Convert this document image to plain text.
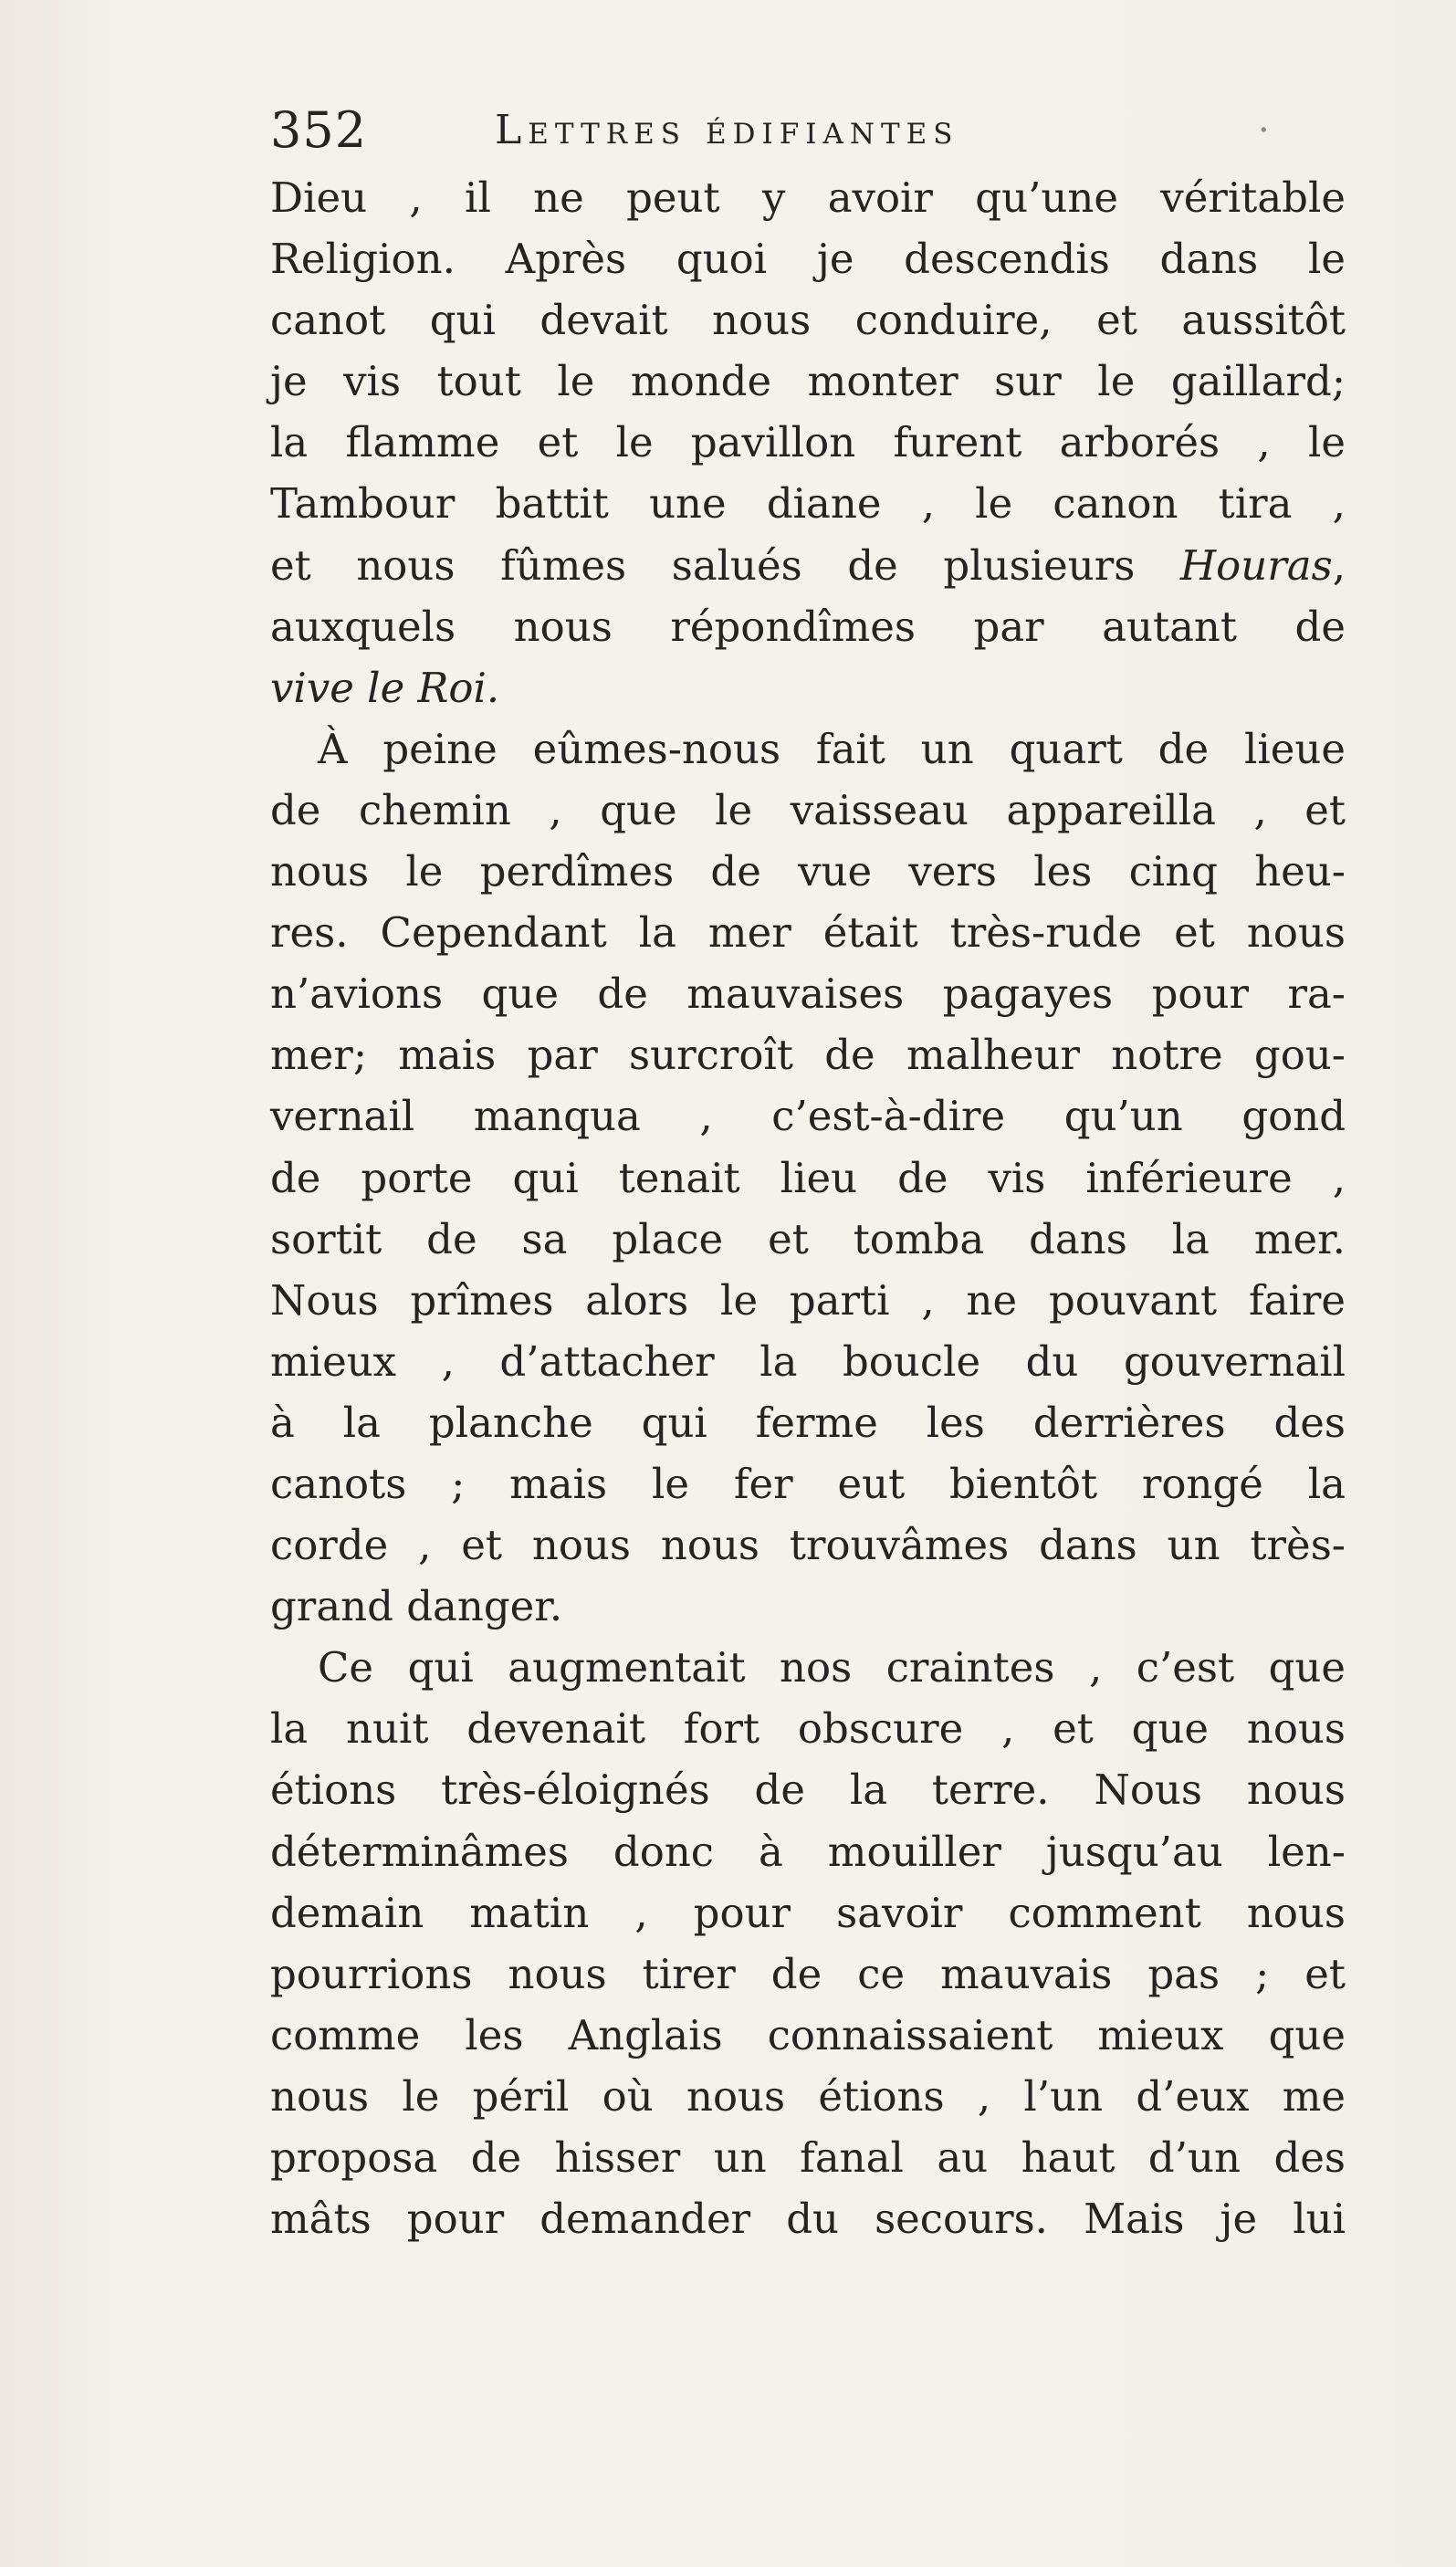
352	Lettres édifiantes	·
Dieu , il ne peut y avoir qu’une véritable
Religion. Après quoi je descendis dans le
canot qui devait nous conduire, et aussitôt
je vis tout le monde monter sur le gaillard;
la flamme et le pavillon furent arborés , le
Tambour battit une diane , le canon tira ,
et nous fûmes salués de plusieurs Houras,
auxquels nous répondîmes par autant de
vive le Roi.
À peine eûmes-nous fait un quart de lieue
de chemin , que le vaisseau appareilla , et
nous le perdîmes de vue vers les cinq heu-
res. Cependant la mer était très-rude et nous
n’avions que de mauvaises pagayes pour ra-
mer; mais par surcroît de malheur notre gou-
vernail manqua , c’est-à-dire qu’un gond
de porte qui tenait lieu de vis inférieure ,
sortit de sa place et tomba dans la mer.
Nous prîmes alors le parti , ne pouvant faire
mieux , d’attacher la boucle du gouvernail
à la planche qui ferme les derrières des
canots ; mais le fer eut bientôt rongé la
corde , et nous nous trouvâmes dans un très-
grand danger.
Ce qui augmentait nos craintes , c’est que
la nuit devenait fort obscure , et que nous
étions très-éloignés de la terre. Nous nous
déterminâmes donc à mouiller jusqu’au len-
demain matin , pour savoir comment nous
pourrions nous tirer de ce mauvais pas ; et
comme les Anglais connaissaient mieux que
nous le péril où nous étions , l’un d’eux me
proposa de hisser un fanal au haut d’un des
mâts pour demander du secours. Mais je lui
